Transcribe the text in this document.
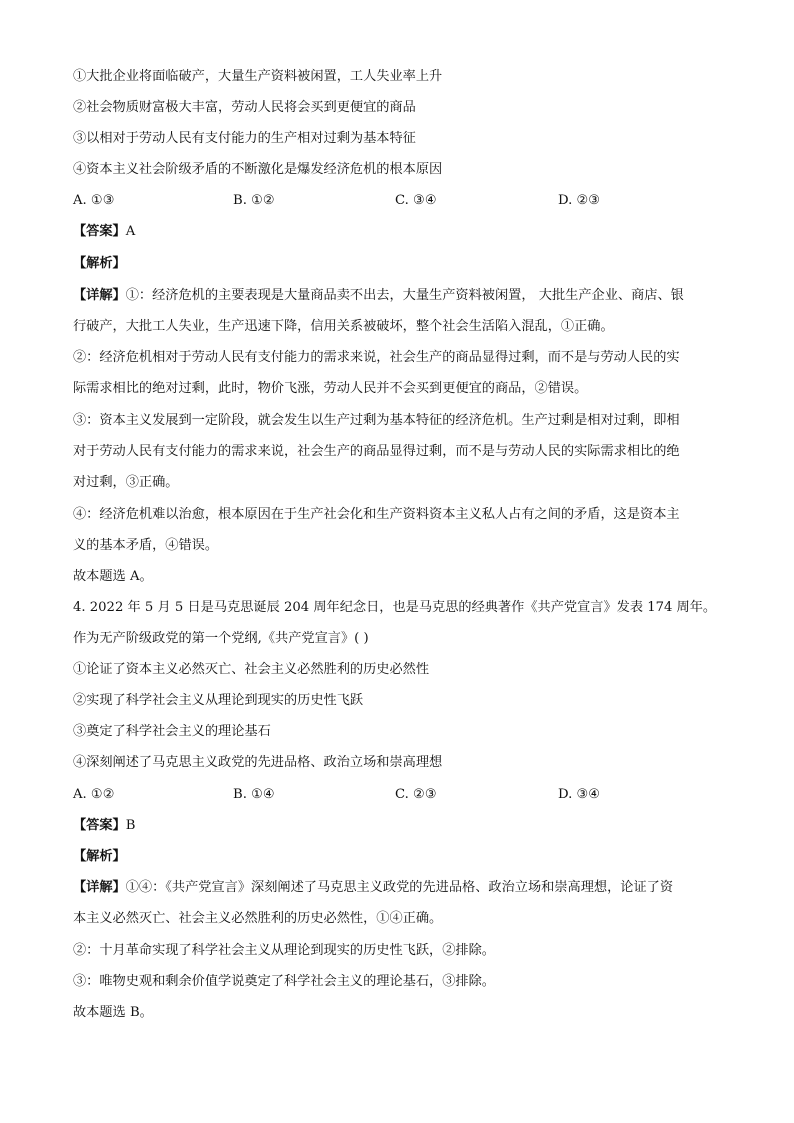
①大批企业将面临破产，大量生产资料被闲置，工人失业率上升
②社会物质财富极大丰富，劳动人民将会买到更便宜的商品
③以相对于劳动人民有支付能力的生产相对过剩为基本特征
④资本主义社会阶级矛盾的不断激化是爆发经济危机的根本原因
A. ①③	B. ①②	C. ③④	D. ②③
【答案】A
【解析】
【详解】①：经济危机的主要表现是大量商品卖不出去，大量生产资料被闲置， 大批生产企业、商店、银
行破产，大批工人失业，生产迅速下降，信用关系被破坏，整个社会生活陷入混乱，①正确。
②：经济危机相对于劳动人民有支付能力的需求来说，社会生产的商品显得过剩，而不是与劳动人民的实
际需求相比的绝对过剩，此时，物价飞涨，劳动人民并不会买到更便宜的商品，②错误。
③：资本主义发展到一定阶段，就会发生以生产过剩为基本特征的经济危机。生产过剩是相对过剩，即相
对于劳动人民有支付能力的需求来说，社会生产的商品显得过剩，而不是与劳动人民的实际需求相比的绝
对过剩，③正确。
④：经济危机难以治愈，根本原因在于生产社会化和生产资料资本主义私人占有之间的矛盾，这是资本主
义的基本矛盾，④错误。
故本题选 A。
4. 2022 年 5 月 5 日是马克思诞辰 204 周年纪念日，也是马克思的经典著作《共产党宣言》发表 174 周年。
作为无产阶级政党的第一个党纲,《共产党宣言》( )
①论证了资本主义必然灭亡、社会主义必然胜利的历史必然性
②实现了科学社会主义从理论到现实的历史性飞跃
③奠定了科学社会主义的理论基石
④深刻阐述了马克思主义政党的先进品格、政治立场和崇高理想
A. ①②	B. ①④	C. ②③	D. ③④
【答案】B
【解析】
【详解】①④：《共产党宣言》深刻阐述了马克思主义政党的先进品格、政治立场和崇高理想，论证了资
本主义必然灭亡、社会主义必然胜利的历史必然性，①④正确。
②：十月革命实现了科学社会主义从理论到现实的历史性飞跃，②排除。
③：唯物史观和剩余价值学说奠定了科学社会主义的理论基石，③排除。
故本题选 B。
